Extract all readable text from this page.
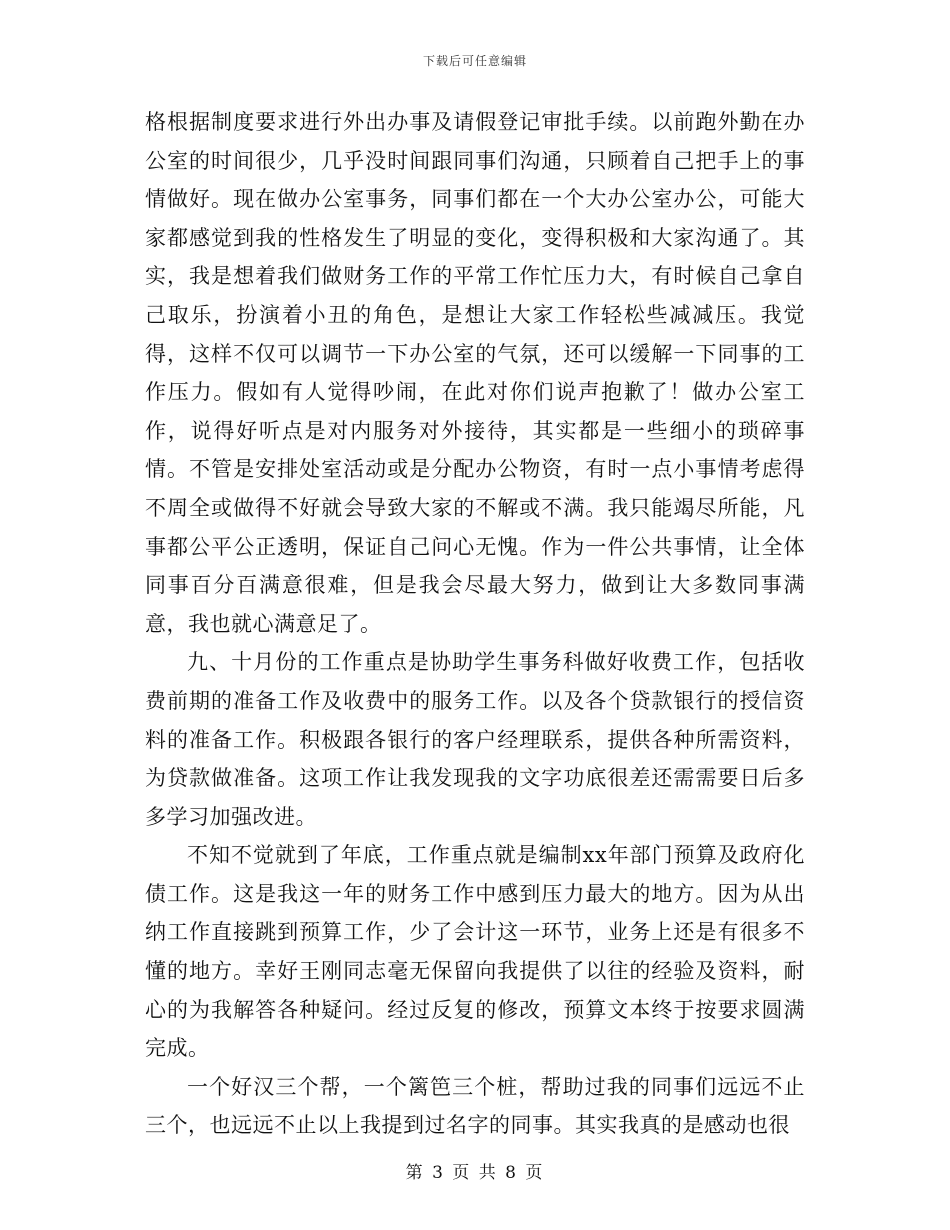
下载后可任意编辑

格根据制度要求进行外出办事及请假登记审批手续。以前跑外勤在办公室的时间很少，几乎没时间跟同事们沟通，只顾着自己把手上的事情做好。现在做办公室事务，同事们都在一个大办公室办公，可能大家都感觉到我的性格发生了明显的变化，变得积极和大家沟通了。其实，我是想着我们做财务工作的平常工作忙压力大，有时候自己拿自己取乐，扮演着小丑的角色，是想让大家工作轻松些减减压。我觉得，这样不仅可以调节一下办公室的气氛，还可以缓解一下同事的工作压力。假如有人觉得吵闹，在此对你们说声抱歉了！做办公室工作，说得好听点是对内服务对外接待，其实都是一些细小的琐碎事情。不管是安排处室活动或是分配办公物资，有时一点小事情考虑得不周全或做得不好就会导致大家的不解或不满。我只能竭尽所能，凡事都公平公正透明，保证自己问心无愧。作为一件公共事情，让全体同事百分百满意很难，但是我会尽最大努力，做到让大多数同事满意，我也就心满意足了。

九、十月份的工作重点是协助学生事务科做好收费工作，包括收费前期的准备工作及收费中的服务工作。以及各个贷款银行的授信资料的准备工作。积极跟各银行的客户经理联系，提供各种所需资料，为贷款做准备。这项工作让我发现我的文字功底很差还需需要日后多多学习加强改进。

不知不觉就到了年底，工作重点就是编制xx年部门预算及政府化债工作。这是我这一年的财务工作中感到压力最大的地方。因为从出纳工作直接跳到预算工作，少了会计这一环节，业务上还是有很多不懂的地方。幸好王刚同志毫无保留向我提供了以往的经验及资料，耐心的为我解答各种疑问。经过反复的修改，预算文本终于按要求圆满完成。

一个好汉三个帮，一个篱笆三个桩，帮助过我的同事们远远不止三个，也远远不止以上我提到过名字的同事。其实我真的是感动也很

第 3 页 共 8 页
